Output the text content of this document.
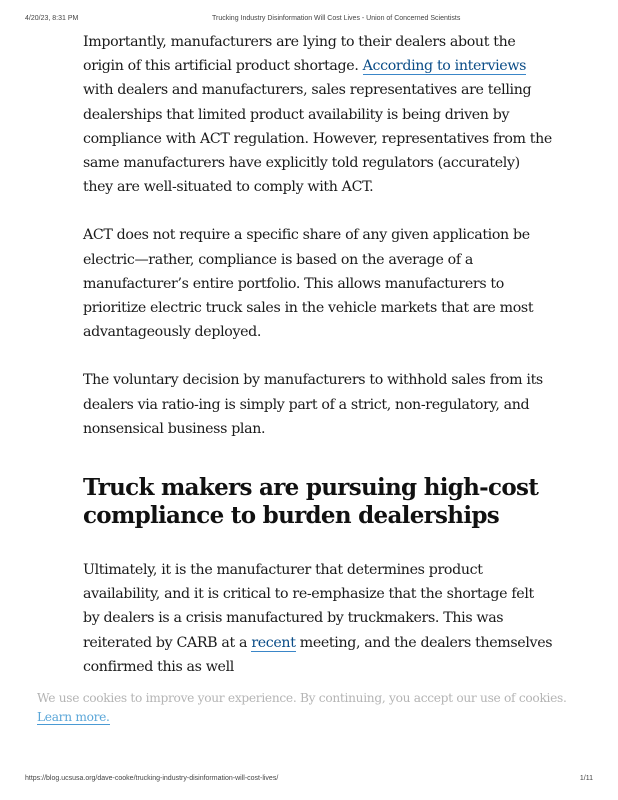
4/20/23, 8:31 PM	Trucking Industry Disinformation Will Cost Lives - Union of Concerned Scientists

Importantly, manufacturers are lying to their dealers about the origin of this artificial product shortage. According to interviews with dealers and manufacturers, sales representatives are telling dealerships that limited product availability is being driven by compliance with ACT regulation. However, representatives from the same manufacturers have explicitly told regulators (accurately) they are well-situated to comply with ACT.

ACT does not require a specific share of any given application be electric—rather, compliance is based on the average of a manufacturer’s entire portfolio. This allows manufacturers to prioritize electric truck sales in the vehicle markets that are most advantageously deployed.

The voluntary decision by manufacturers to withhold sales from its dealers via ratio-ing is simply part of a strict, non-regulatory, and nonsensical business plan.

Truck makers are pursuing high-cost compliance to burden dealerships

Ultimately, it is the manufacturer that determines product availability, and it is critical to re-emphasize that the shortage felt by dealers is a crisis manufactured by truckmakers. This was reiterated by CARB at a recent meeting, and the dealers themselves confirmed this as well

We use cookies to improve your experience. By continuing, you accept our use of cookies. Learn more.
https://blog.ucsusa.org/dave-cooke/trucking-industry-disinformation-will-cost-lives/	1/11
